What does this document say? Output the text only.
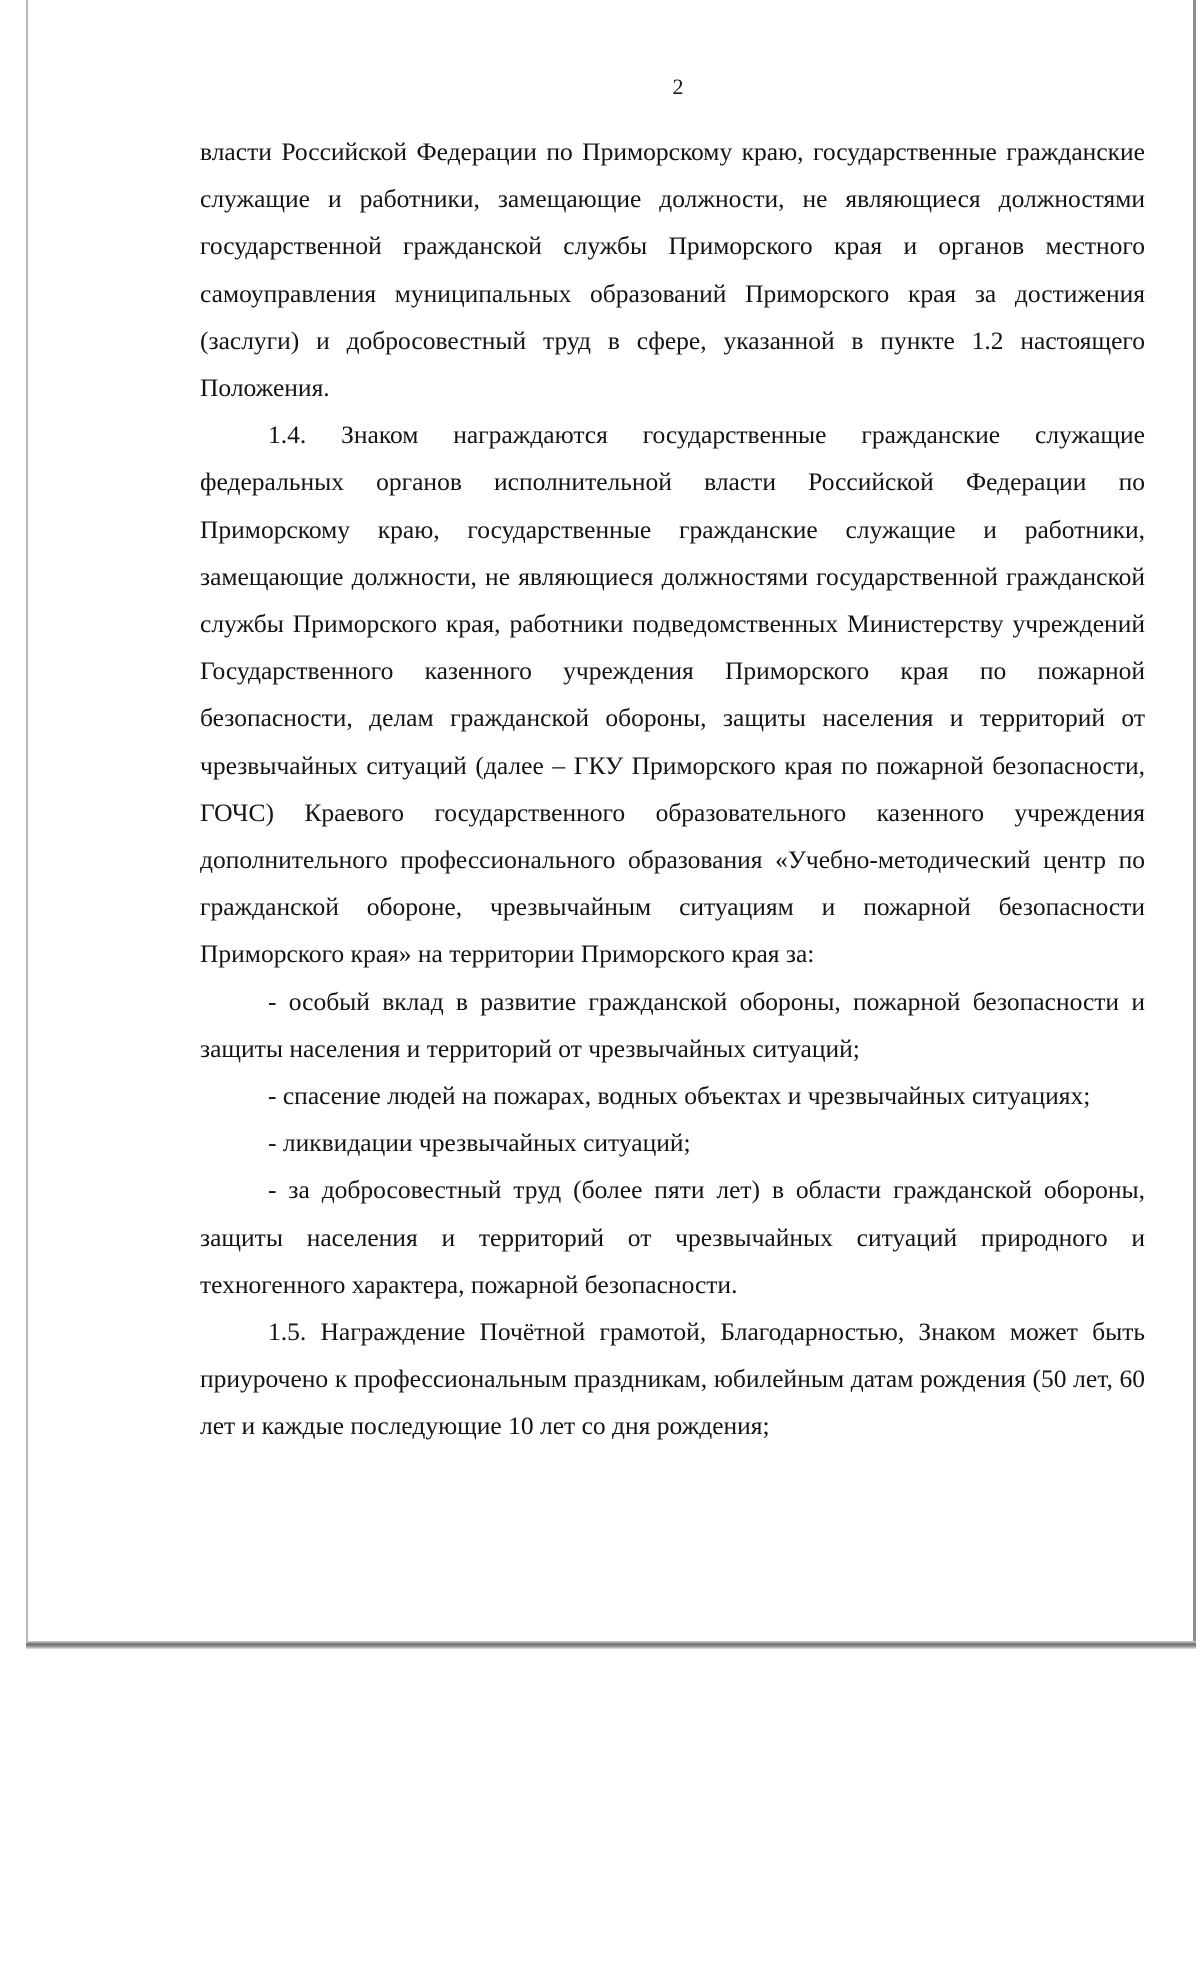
2

власти Российской Федерации по Приморскому краю, государственные гражданские служащие и работники, замещающие должности, не являющиеся должностями государственной гражданской службы Приморского края и органов местного самоуправления муниципальных образований Приморского края за достижения (заслуги) и добросовестный труд в сфере, указанной в пункте 1.2 настоящего Положения.

1.4. Знаком награждаются государственные гражданские служащие федеральных органов исполнительной власти Российской Федерации по Приморскому краю, государственные гражданские служащие и работники, замещающие должности, не являющиеся должностями государственной гражданской службы Приморского края, работники подведомственных Министерству учреждений Государственного казенного учреждения Приморского края по пожарной безопасности, делам гражданской обороны, защиты населения и территорий от чрезвычайных ситуаций (далее – ГКУ Приморского края по пожарной безопасности, ГОЧС) Краевого государственного образовательного казенного учреждения дополнительного профессионального образования «Учебно-методический центр по гражданской обороне, чрезвычайным ситуациям и пожарной безопасности Приморского края» на территории Приморского края за:

- особый вклад в развитие гражданской обороны, пожарной безопасности и защиты населения и территорий от чрезвычайных ситуаций;

- спасение людей на пожарах, водных объектах и чрезвычайных ситуациях;

- ликвидации чрезвычайных ситуаций;

- за добросовестный труд (более пяти лет) в области гражданской обороны, защиты населения и территорий от чрезвычайных ситуаций природного и техногенного характера, пожарной безопасности.

1.5. Награждение Почётной грамотой, Благодарностью, Знаком может быть приурочено к профессиональным праздникам, юбилейным датам рождения (50 лет, 60 лет и каждые последующие 10 лет со дня рождения;
